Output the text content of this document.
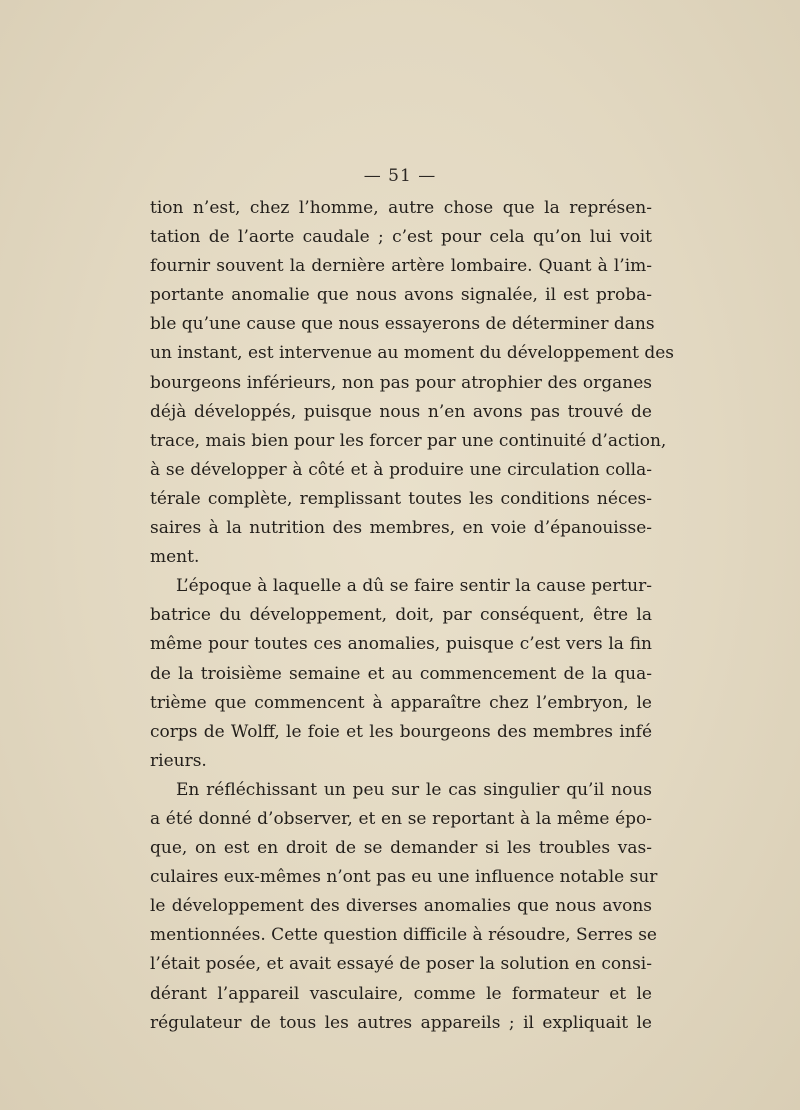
— 51 —
tion n’est, chez l’homme, autre chose que la représen-
tation de l’aorte caudale ; c’est pour cela qu’on lui voit
fournir souvent la dernière artère lombaire. Quant à l’im-
portante anomalie que nous avons signalée, il est proba-
ble qu’une cause que nous essayerons de déterminer dans
un instant, est intervenue au moment du développement des
bourgeons inférieurs, non pas pour atrophier des organes
déjà développés, puisque nous n’en avons pas trouvé de
trace, mais bien pour les forcer par une continuité d’action,
à se développer à côté et à produire une circulation colla-
térale complète, remplissant toutes les conditions néces-
saires à la nutrition des membres, en voie d’épanouisse-
ment.
L’époque à laquelle a dû se faire sentir la cause pertur-
batrice du développement, doit, par conséquent, être la
même pour toutes ces anomalies, puisque c’est vers la fin
de la troisième semaine et au commencement de la qua-
trième que commencent à apparaître chez l’embryon, le
corps de Wolff, le foie et les bourgeons des membres infé
rieurs.
En réfléchissant un peu sur le cas singulier qu’il nous
a été donné d’observer, et en se reportant à la même épo-
que, on est en droit de se demander si les troubles vas-
culaires eux-mêmes n’ont pas eu une influence notable sur
le développement des diverses anomalies que nous avons
mentionnées. Cette question difficile à résoudre, Serres se
l’était posée, et avait essayé de poser la solution en consi-
dérant l’appareil vasculaire, comme le formateur et le
régulateur de tous les autres appareils ; il expliquait le
